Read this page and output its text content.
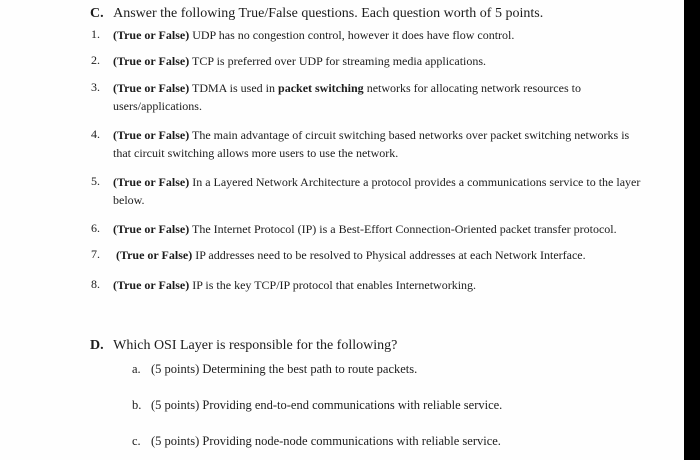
C. Answer the following True/False questions. Each question worth of 5 points.
1. (True or False) UDP has no congestion control, however it does have flow control.
2. (True or False) TCP is preferred over UDP for streaming media applications.
3. (True or False) TDMA is used in packet switching networks for allocating network resources to
users/applications.
4. (True or False) The main advantage of circuit switching based networks over packet switching networks is
that circuit switching allows more users to use the network.
5. (True or False) In a Layered Network Architecture a protocol provides a communications service to the layer
below.
6. (True or False) The Internet Protocol (IP) is a Best-Effort Connection-Oriented packet transfer protocol.
7. (True or False) IP addresses need to be resolved to Physical addresses at each Network Interface.
8. (True or False) IP is the key TCP/IP protocol that enables Internetworking.
D. Which OSI Layer is responsible for the following?
a. (5 points) Determining the best path to route packets.
b. (5 points) Providing end-to-end communications with reliable service.
c. (5 points) Providing node-node communications with reliable service.
